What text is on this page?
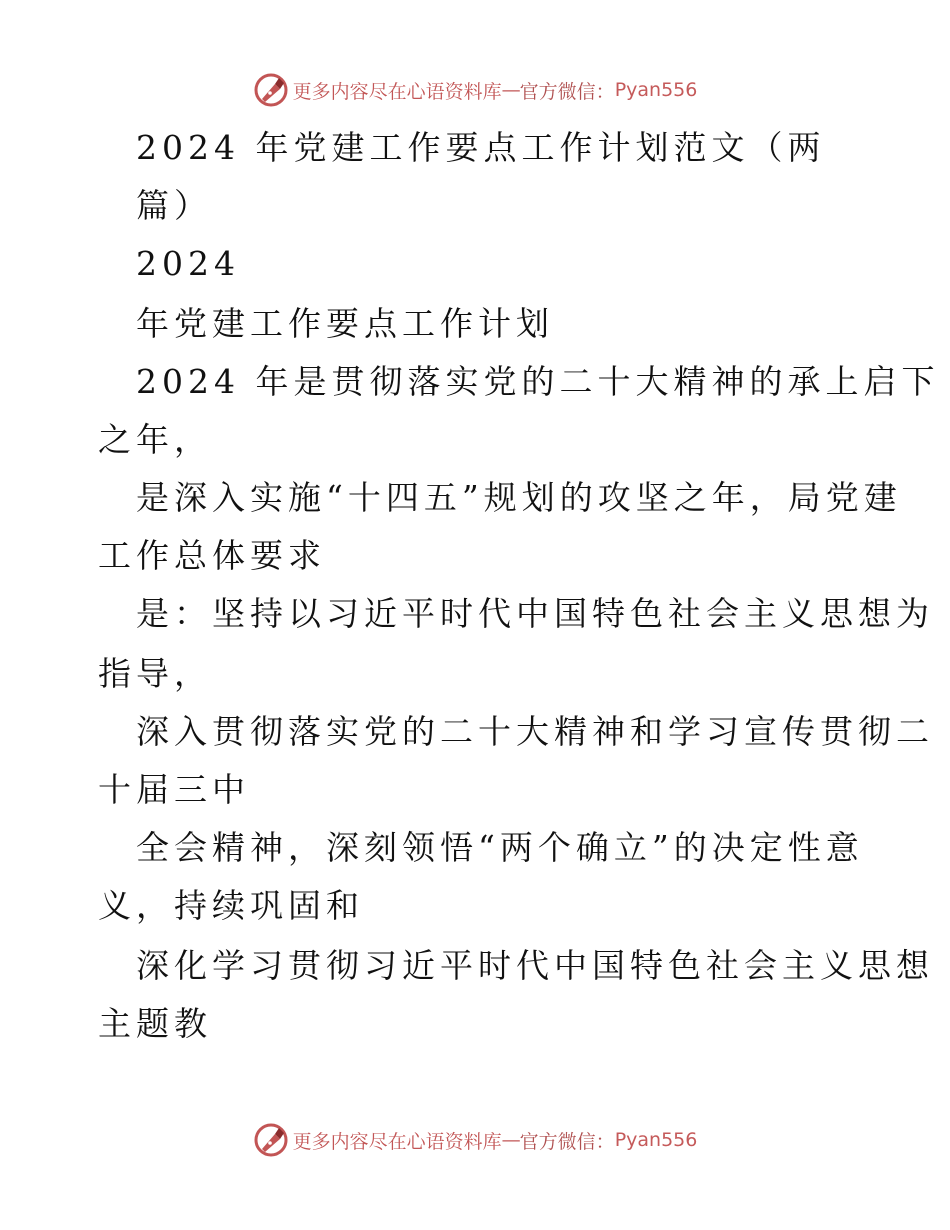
更多内容尽在心语资料库 — 官方微信： Pyan556
2024 年党建工作要点工作计划范文（两
篇）
2024
年党建工作要点工作计划
2024 年是贯彻落实党的二十大精神的承上启下
之年，
是深入实施“十四五”规划的攻坚之年，局党建
工作总体要求
是：坚持以习近平时代中国特色社会主义思想为
指导，
深入贯彻落实党的二十大精神和学习宣传贯彻二
十届三中
全会精神，深刻领悟“两个确立”的决定性意
义，持续巩固和
深化学习贯彻习近平时代中国特色社会主义思想
主题教
更多内容尽在心语资料库 — 官方微信： Pyan556
